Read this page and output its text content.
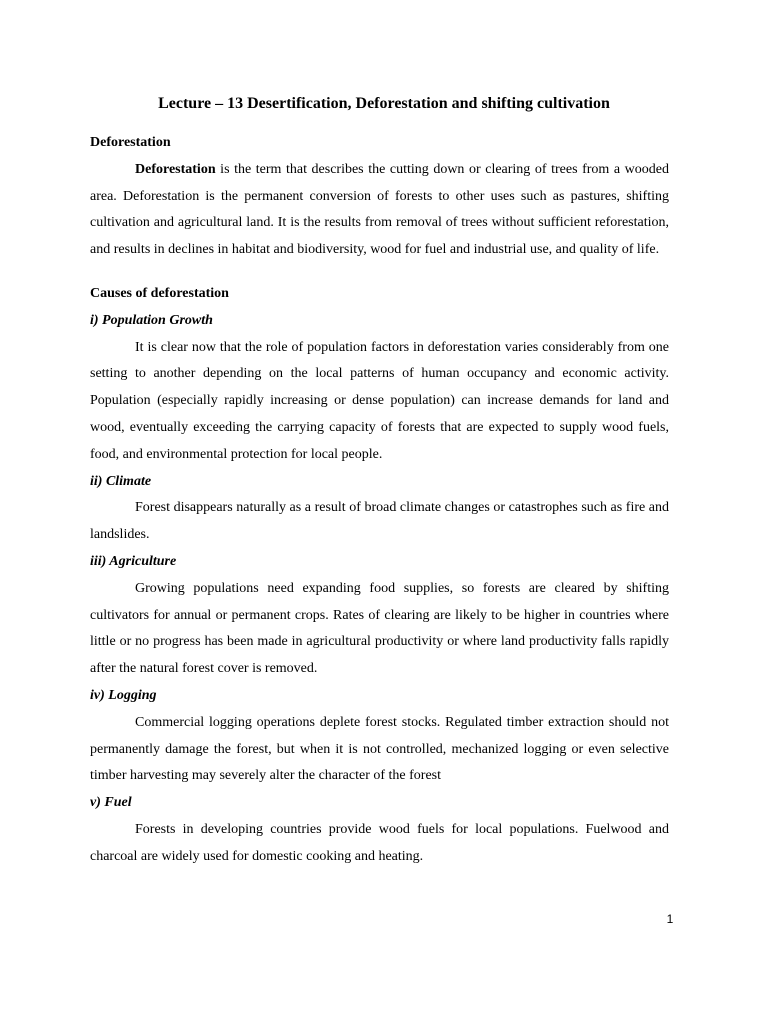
Lecture – 13 Desertification, Deforestation and shifting cultivation

Deforestation

Deforestation is the term that describes the cutting down or clearing of trees from a wooded area. Deforestation is the permanent conversion of forests to other uses such as pastures, shifting cultivation and agricultural land. It is the results from removal of trees without sufficient reforestation, and results in declines in habitat and biodiversity, wood for fuel and industrial use, and quality of life.

Causes of deforestation

i) Population Growth

It is clear now that the role of population factors in deforestation varies considerably from one setting to another depending on the local patterns of human occupancy and economic activity. Population (especially rapidly increasing or dense population) can increase demands for land and wood, eventually exceeding the carrying capacity of forests that are expected to supply wood fuels, food, and environmental protection for local people.

ii) Climate

Forest disappears naturally as a result of broad climate changes or catastrophes such as fire and landslides.

iii) Agriculture

Growing populations need expanding food supplies, so forests are cleared by shifting cultivators for annual or permanent crops. Rates of clearing are likely to be higher in countries where little or no progress has been made in agricultural productivity or where land productivity falls rapidly after the natural forest cover is removed.

iv) Logging

Commercial logging operations deplete forest stocks. Regulated timber extraction should not permanently damage the forest, but when it is not controlled, mechanized logging or even selective timber harvesting may severely alter the character of the forest

v) Fuel

Forests in developing countries provide wood fuels for local populations. Fuelwood and charcoal are widely used for domestic cooking and heating.

1
